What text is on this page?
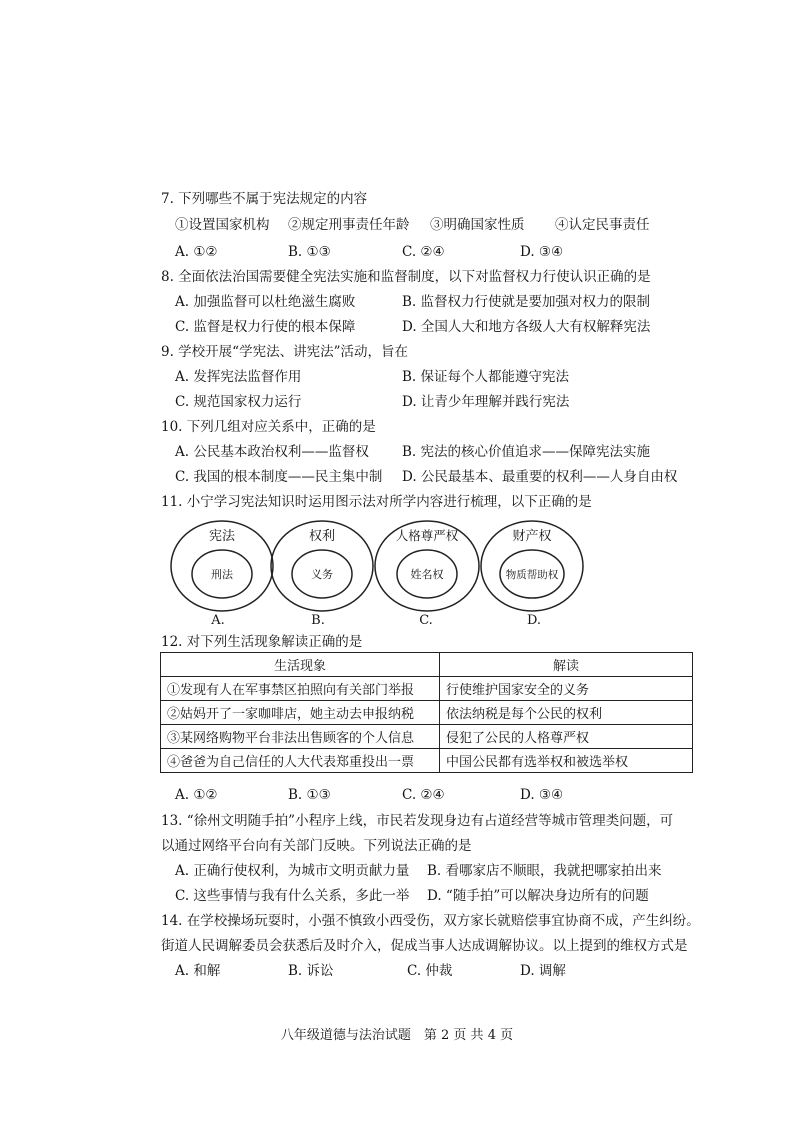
7. 下列哪些不属于宪法规定的内容
①设置国家机构 ②规定刑事责任年龄 ③明确国家性质 ④认定民事责任
A. ①②	B. ①③	C. ②④	D. ③④
8. 全面依法治国需要健全宪法实施和监督制度，以下对监督权力行使认识正确的是
A. 加强监督可以杜绝滋生腐败	B. 监督权力行使就是要加强对权力的限制
C. 监督是权力行使的根本保障	D. 全国人大和地方各级人大有权解释宪法
9. 学校开展“学宪法、讲宪法”活动，旨在
A. 发挥宪法监督作用	B. 保证每个人都能遵守宪法
C. 规范国家权力运行	D. 让青少年理解并践行宪法
10. 下列几组对应关系中，正确的是
A. 公民基本政治权利——监督权 B. 宪法的核心价值追求——保障宪法实施
C. 我国的根本制度——民主集中制 D. 公民最基本、最重要的权利——人身自由权
11. 小宁学习宪法知识时运用图示法对所学内容进行梳理，以下正确的是
宪法
刑法
A.
权利
义务
B.
人格尊严权
姓名权
C.
财产权
物质帮助权
D.
12. 对下列生活现象解读正确的是
生活现象	解读
①发现有人在军事禁区拍照向有关部门举报	行使维护国家安全的义务
②姑妈开了一家咖啡店，她主动去申报纳税	依法纳税是每个公民的权利
③某网络购物平台非法出售顾客的个人信息	侵犯了公民的人格尊严权
④爸爸为自己信任的人大代表郑重投出一票	中国公民都有选举权和被选举权
A. ①②	B. ①③	C. ②④	D. ③④
13. “徐州文明随手拍”小程序上线，市民若发现身边有占道经营等城市管理类问题，可
以通过网络平台向有关部门反映。下列说法正确的是
A. 正确行使权利，为城市文明贡献力量 B. 看哪家店不顺眼，我就把哪家拍出来
C. 这些事情与我有什么关系，多此一举 D. “随手拍”可以解决身边所有的问题
14. 在学校操场玩耍时，小强不慎致小西受伤，双方家长就赔偿事宜协商不成，产生纠纷。
街道人民调解委员会获悉后及时介入，促成当事人达成调解协议。以上提到的维权方式是
A. 和解	B. 诉讼	C. 仲裁	D. 调解
八年级道德与法治试题　第 2 页 共 4 页
